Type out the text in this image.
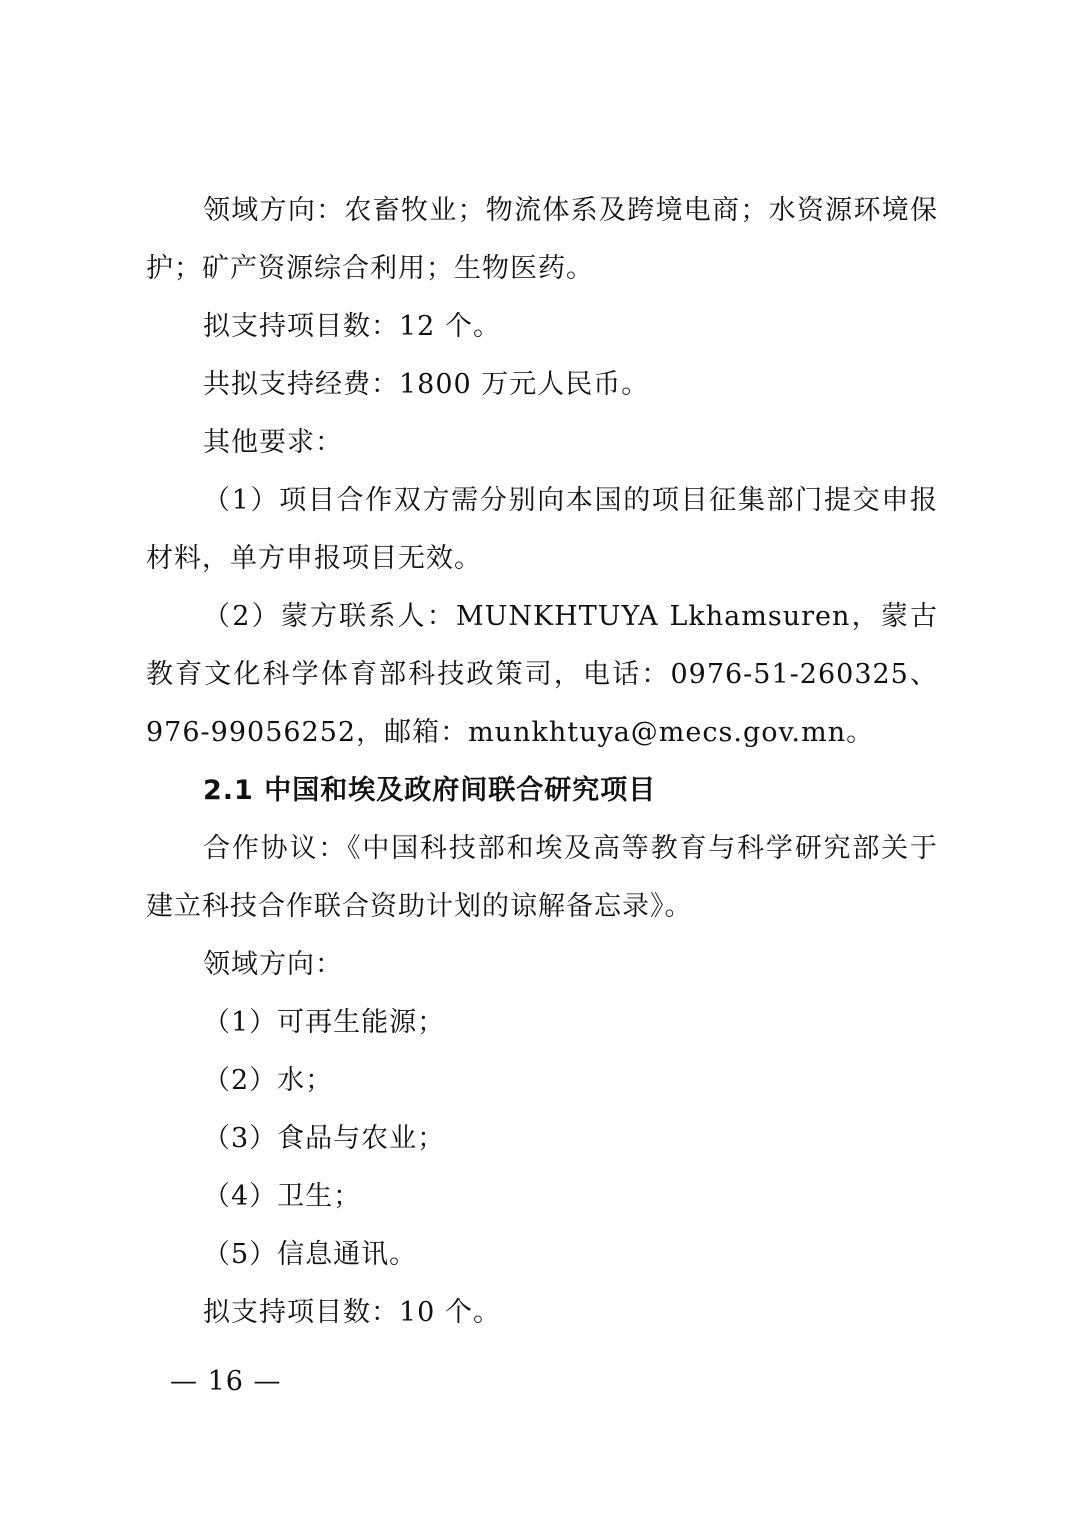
领域方向：农畜牧业；物流体系及跨境电商；水资源环境保护；矿产资源综合利用；生物医药。

拟支持项目数：12 个。

共拟支持经费：1800 万元人民币。

其他要求：

（1）项目合作双方需分别向本国的项目征集部门提交申报材料，单方申报项目无效。

（2）蒙方联系人：MUNKHTUYA Lkhamsuren，蒙古教育文化科学体育部科技政策司，电话：0976-51-260325、976-99056252，邮箱：munkhtuya@mecs.gov.mn。

2.1 中国和埃及政府间联合研究项目

合作协议：《中国科技部和埃及高等教育与科学研究部关于建立科技合作联合资助计划的谅解备忘录》。

领域方向：

（1）可再生能源；

（2）水；

（3）食品与农业；

（4）卫生；

（5）信息通讯。

拟支持项目数：10 个。

— 16 —
